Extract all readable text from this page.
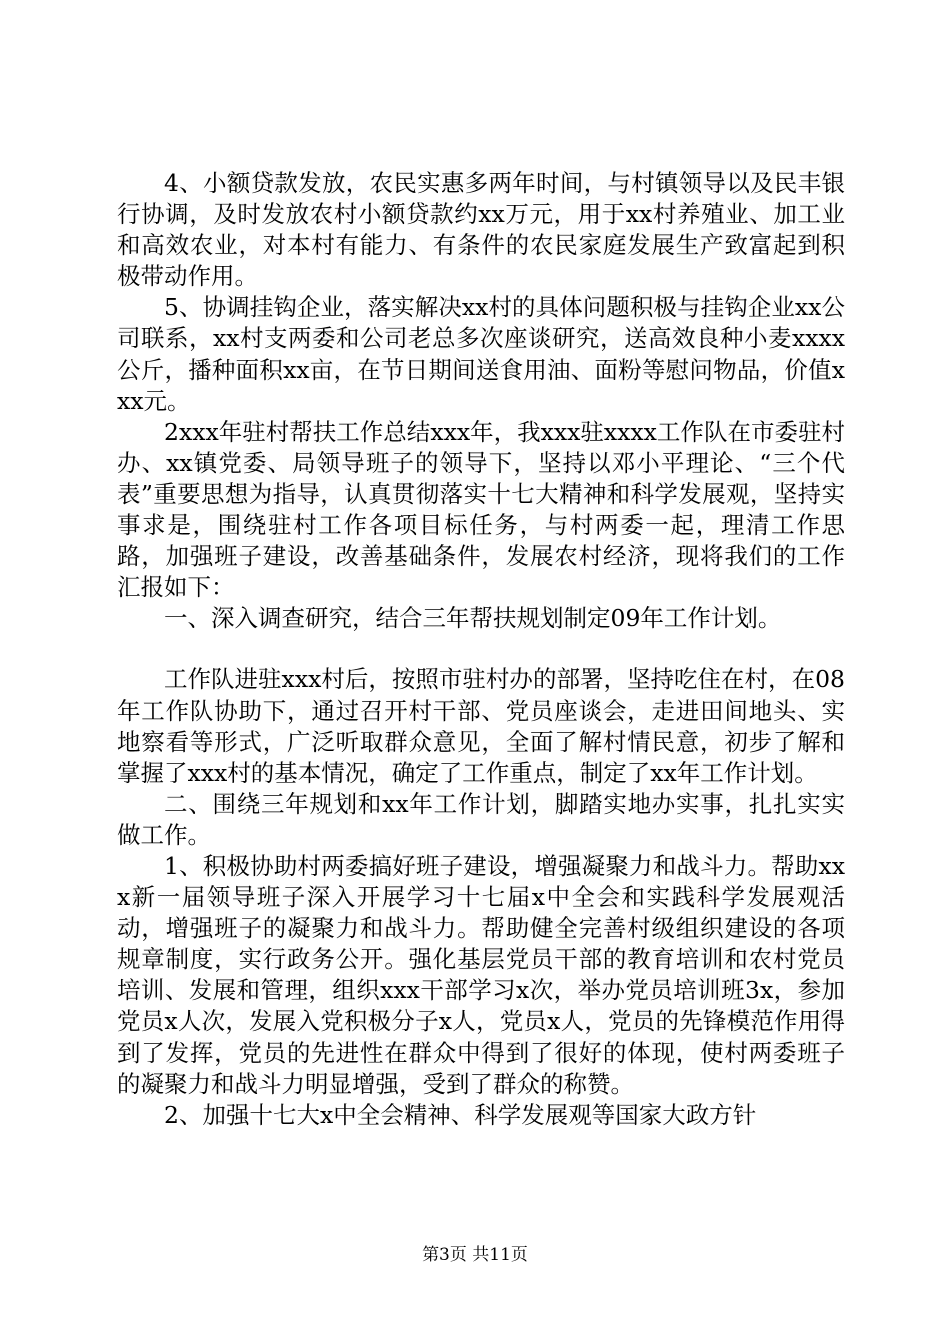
4、小额贷款发放，农民实惠多两年时间，与村镇领导以及民丰银行协调，及时发放农村小额贷款约xx万元，用于xx村养殖业、加工业和高效农业，对本村有能力、有条件的农民家庭发展生产致富起到积极带动作用。

5、协调挂钩企业，落实解决xx村的具体问题积极与挂钩企业xx公司联系，xx村支两委和公司老总多次座谈研究，送高效良种小麦xxxx公斤，播种面积xx亩，在节日期间送食用油、面粉等慰问物品，价值xxx元。

2xxx年驻村帮扶工作总结xxx年，我xxx驻xxxx工作队在市委驻村办、xx镇党委、局领导班子的领导下，坚持以邓小平理论、“三个代表”重要思想为指导，认真贯彻落实十七大精神和科学发展观，坚持实事求是，围绕驻村工作各项目标任务，与村两委一起，理清工作思路，加强班子建设，改善基础条件，发展农村经济，现将我们的工作汇报如下：

一、深入调查研究，结合三年帮扶规划制定09年工作计划。

工作队进驻xxx村后，按照市驻村办的部署，坚持吃住在村，在08年工作队协助下，通过召开村干部、党员座谈会，走进田间地头、实地察看等形式，广泛听取群众意见，全面了解村情民意，初步了解和掌握了xxx村的基本情况，确定了工作重点，制定了xx年工作计划。

二、围绕三年规划和xx年工作计划，脚踏实地办实事，扎扎实实做工作。

1、积极协助村两委搞好班子建设，增强凝聚力和战斗力。帮助xxx新一届领导班子深入开展学习十七届x中全会和实践科学发展观活动，增强班子的凝聚力和战斗力。帮助健全完善村级组织建设的各项规章制度，实行政务公开。强化基层党员干部的教育培训和农村党员培训、发展和管理，组织xxx干部学习x次，举办党员培训班3x，参加党员x人次，发展入党积极分子x人，党员x人，党员的先锋模范作用得到了发挥，党员的先进性在群众中得到了很好的体现，使村两委班子的凝聚力和战斗力明显增强，受到了群众的称赞。

2、加强十七大x中全会精神、科学发展观等国家大政方针

第3页 共11页
